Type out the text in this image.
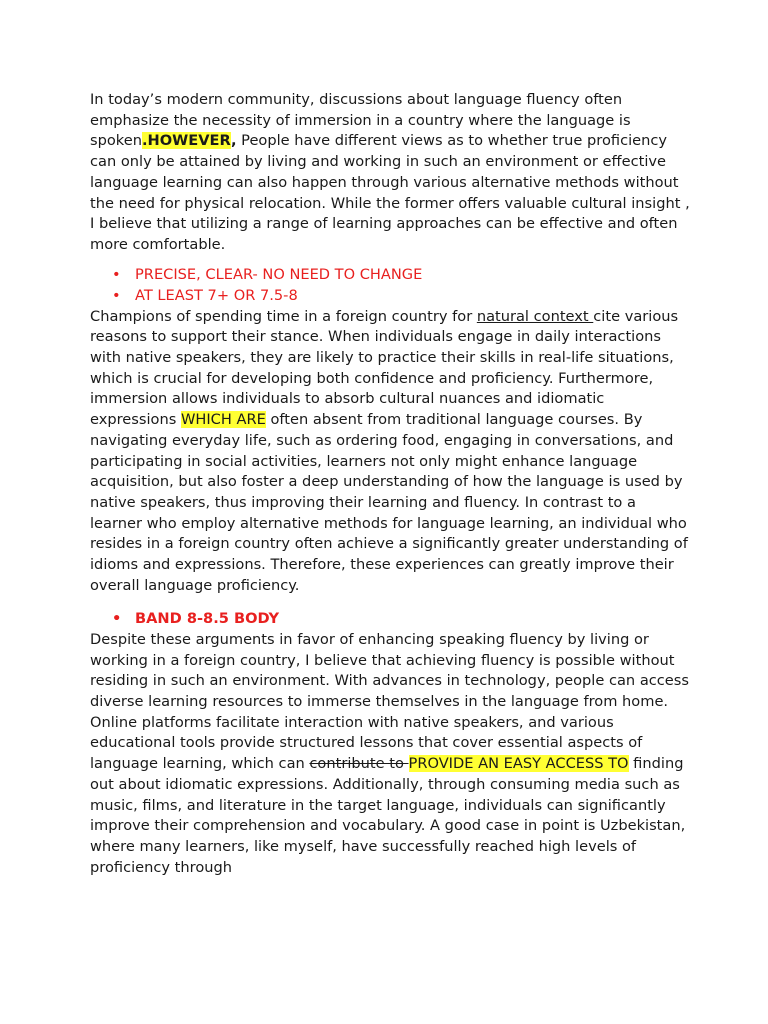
In today’s modern community, discussions about language fluency often emphasize the necessity of immersion in a country where the language is spoken.HOWEVER, People have different views as to whether true proficiency can only be attained by living and working in such an environment or effective language learning can also happen through various alternative methods without the need for physical relocation. While the former offers valuable cultural insight , I believe that utilizing a range of learning approaches can be effective and often more comfortable.

• PRECISE, CLEAR- NO NEED TO CHANGE
• AT LEAST 7+ OR 7.5-8

Champions of spending time in a foreign country for natural context cite various reasons to support their stance. When individuals engage in daily interactions with native speakers, they are likely to practice their skills in real-life situations, which is crucial for developing both confidence and proficiency. Furthermore, immersion allows individuals to absorb cultural nuances and idiomatic expressions WHICH ARE often absent from traditional language courses. By navigating everyday life, such as ordering food, engaging in conversations, and participating in social activities, learners not only might enhance language acquisition, but also foster a deep understanding of how the language is used by native speakers, thus improving their learning and fluency. In contrast to a learner who employ alternative methods for language learning, an individual who resides in a foreign country often achieve a significantly greater understanding of idioms and expressions. Therefore, these experiences can greatly improve their overall language proficiency.

• BAND 8-8.5 BODY

Despite these arguments in favor of enhancing speaking fluency by living or working in a foreign country, I believe that achieving fluency is possible without residing in such an environment. With advances in technology, people can access diverse learning resources to immerse themselves in the language from home. Online platforms facilitate interaction with native speakers, and various educational tools provide structured lessons that cover essential aspects of language learning, which can contribute to PROVIDE AN EASY ACCESS TO finding out about idiomatic expressions. Additionally, through consuming media such as music, films, and literature in the target language, individuals can significantly improve their comprehension and vocabulary. A good case in point is Uzbekistan, where many learners, like myself, have successfully reached high levels of proficiency through
